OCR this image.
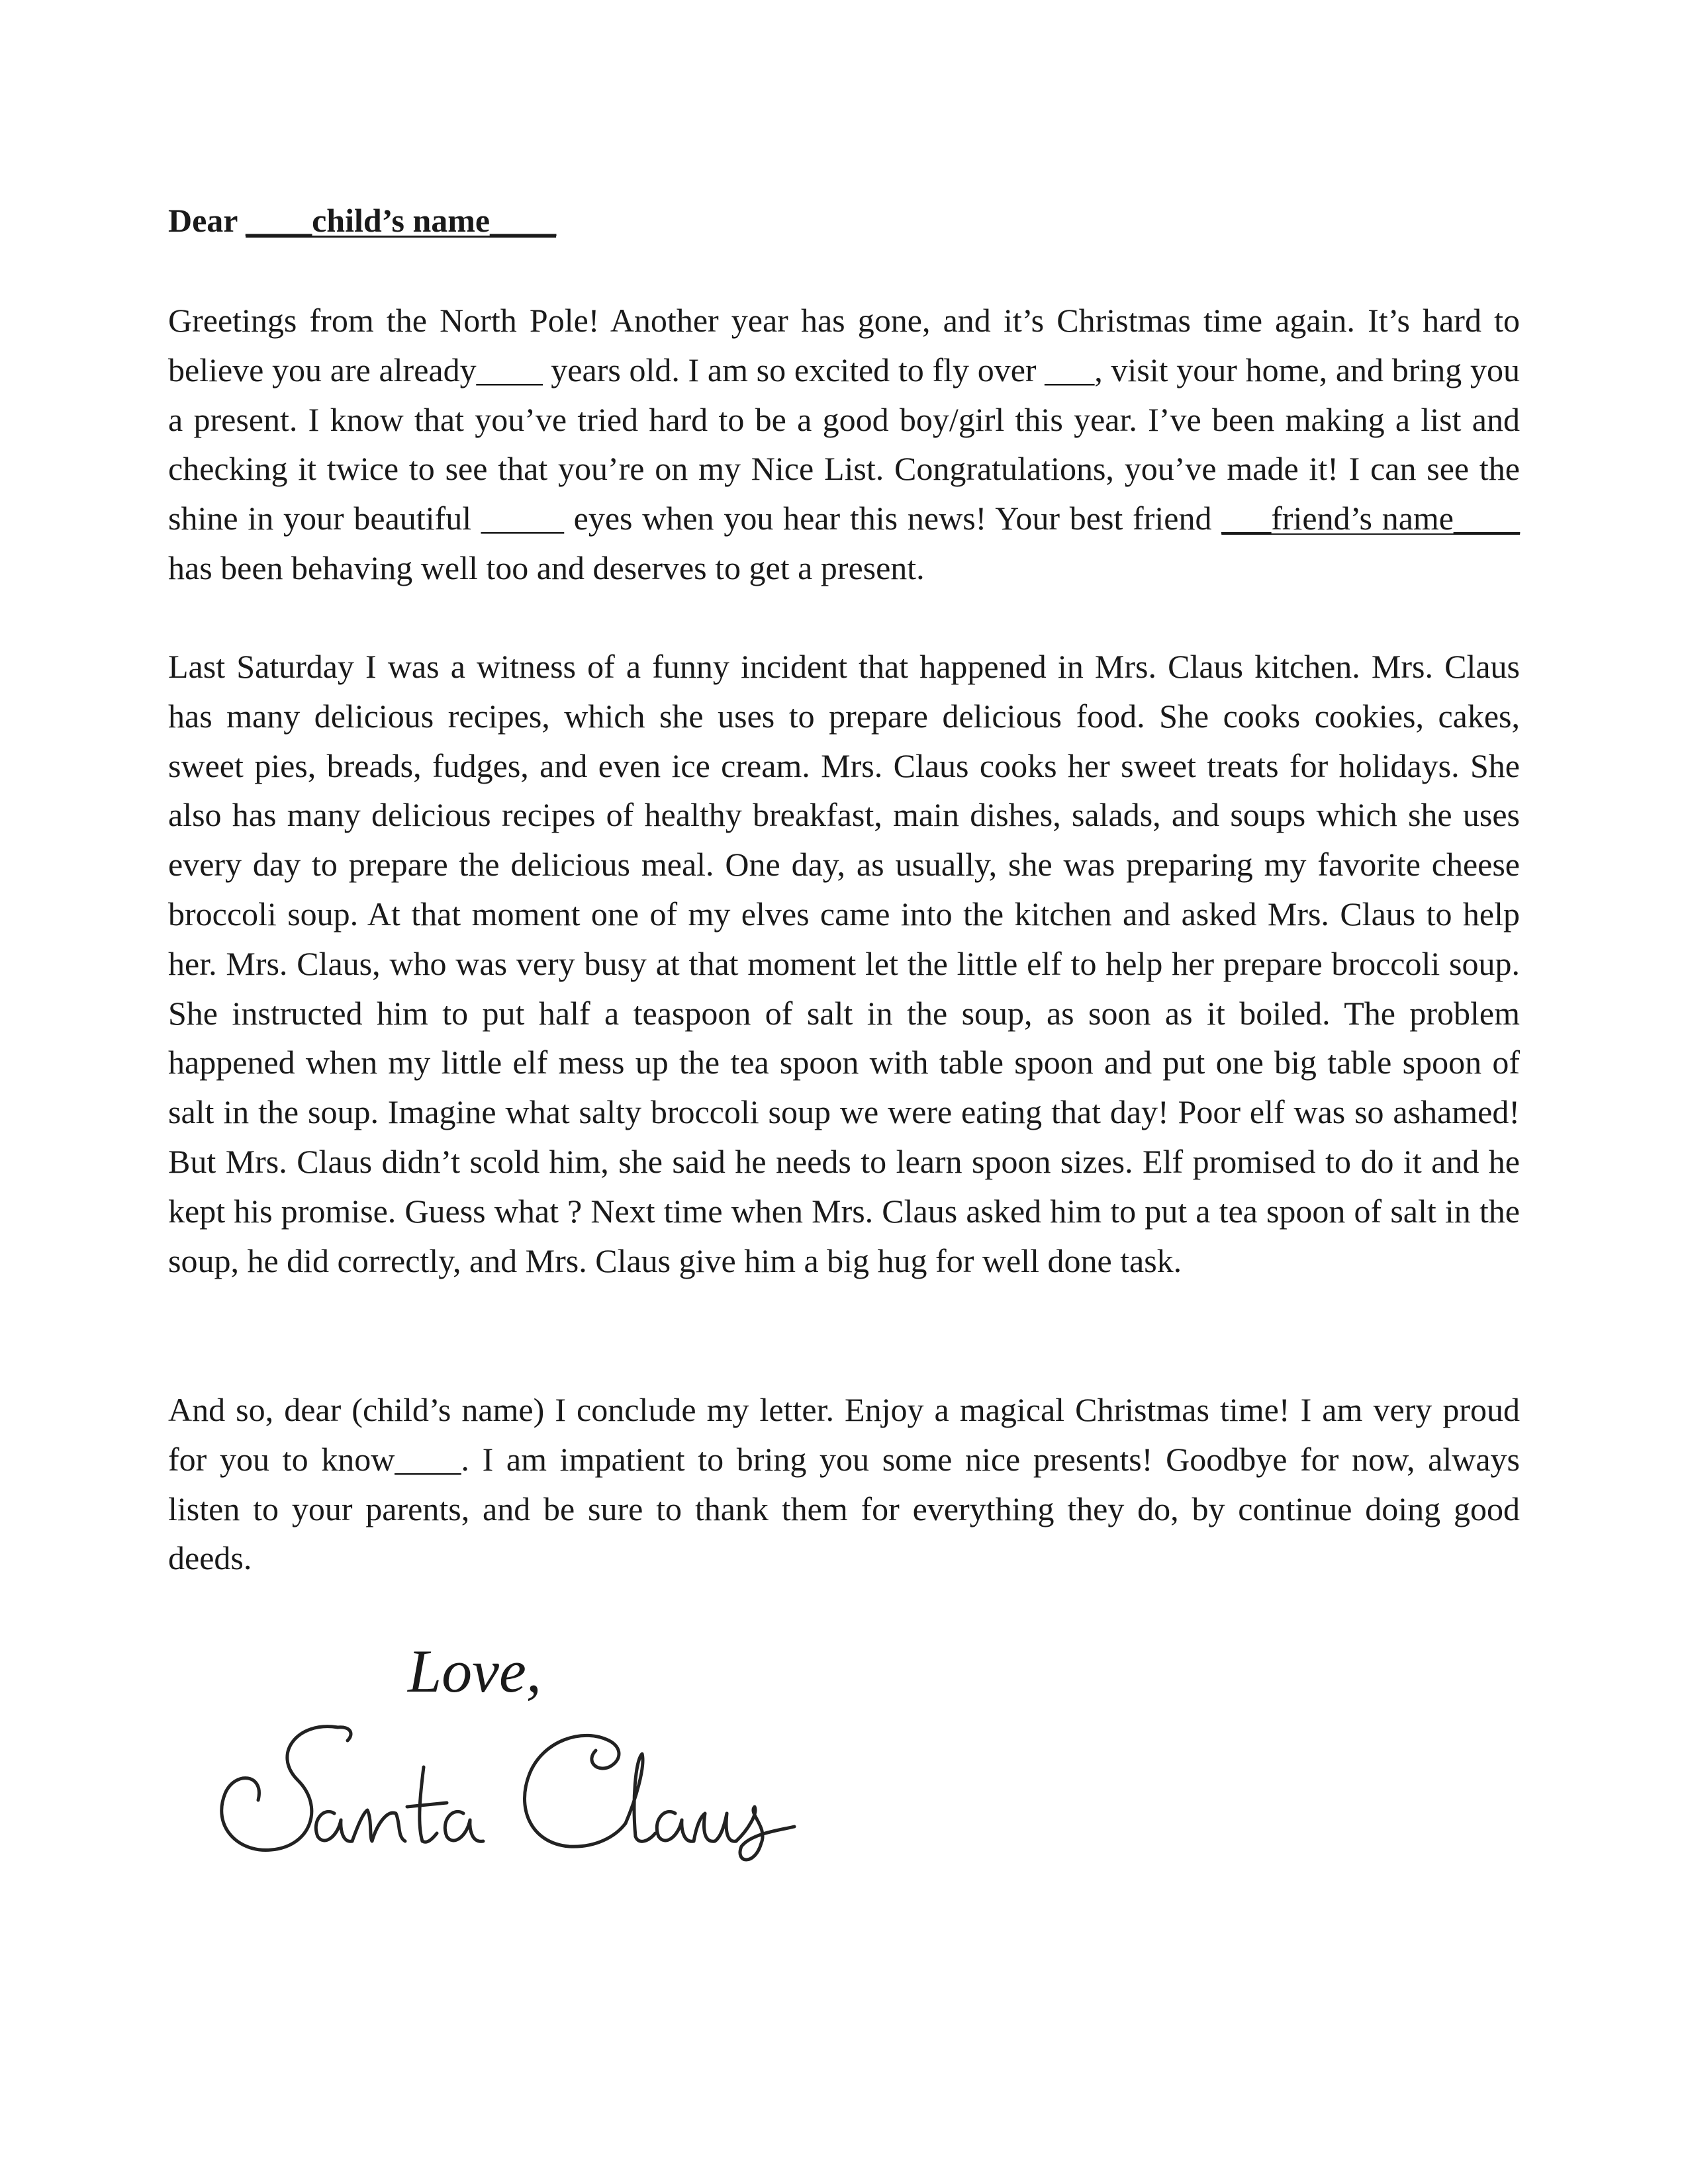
Dear ____child’s name____

Greetings from the North Pole! Another year has gone, and it’s Christmas time again. It’s hard to believe you are already____ years old. I am so excited to fly over ___, visit your home, and bring you a present. I know that you’ve tried hard to be a good boy/girl this year. I’ve been making a list and checking it twice to see that you’re on my Nice List. Congratulations, you’ve made it! I can see the shine in your beautiful _____ eyes when you hear this news! Your best friend ___friend’s name____ has been behaving well too and deserves to get a present.

Last Saturday I was a witness of a funny incident that happened in Mrs. Claus kitchen. Mrs. Claus has many delicious recipes, which she uses to prepare delicious food. She cooks cookies, cakes, sweet pies, breads, fudges, and even ice cream. Mrs. Claus cooks her sweet treats for holidays. She also has many delicious recipes of healthy breakfast, main dishes, salads, and soups which she uses every day to prepare the delicious meal. One day, as usually, she was preparing my favorite cheese broccoli soup. At that moment one of my elves came into the kitchen and asked Mrs. Claus to help her. Mrs. Claus, who was very busy at that moment let the little elf to help her prepare broccoli soup. She instructed him to put half a teaspoon of salt in the soup, as soon as it boiled. The problem happened when my little elf mess up the tea spoon with table spoon and put one big table spoon of salt in the soup. Imagine what salty broccoli soup we were eating that day! Poor elf was so ashamed! But Mrs. Claus didn’t scold him, she said he needs to learn spoon sizes. Elf promised to do it and he kept his promise. Guess what ? Next time when Mrs. Claus asked him to put a tea spoon of salt in the soup, he did correctly, and Mrs. Claus give him a big hug for well done task.

And so, dear (child’s name) I conclude my letter. Enjoy a magical Christmas time! I am very proud for you to know____. I am impatient to bring you some nice presents! Goodbye for now, always listen to your parents, and be sure to thank them for everything they do, by continue doing good deeds.

Love,
